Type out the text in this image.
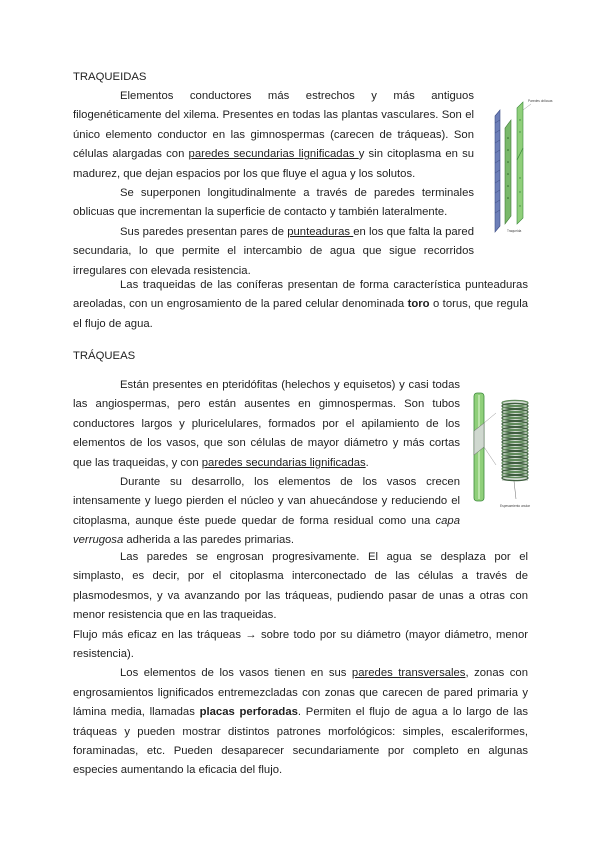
TRAQUEIDAS

Elementos conductores más estrechos y más antiguos filogenéticamente del xilema. Presentes en todas las plantas vasculares. Son el único elemento conductor en las gimnospermas (carecen de tráqueas). Son células alargadas con paredes secundarias lignificadas y sin citoplasma en su madurez, que dejan espacios por los que fluye el agua y los solutos.

Se superponen longitudinalmente a través de paredes terminales oblicuas que incrementan la superficie de contacto y también lateralmente.

Sus paredes presentan pares de punteaduras en los que falta la pared secundaria, lo que permite el intercambio de agua que sigue recorridos irregulares con elevada resistencia.

Las traqueidas de las coníferas presentan de forma característica punteaduras areoladas, con un engrosamiento de la pared celular denominada toro o torus, que regula el flujo de agua.

Paredes oblicuas
Traqueida
TRÁQUEAS

Están presentes en pteridófitas (helechos y equisetos) y casi todas las angiospermas, pero están ausentes en gimnospermas. Son tubos conductores largos y pluricelulares, formados por el apilamiento de los elementos de los vasos, que son células de mayor diámetro y más cortas que las traqueidas, y con paredes secundarias lignificadas.

Durante su desarrollo, los elementos de los vasos crecen intensamente y luego pierden el núcleo y van ahuecándose y reduciendo el citoplasma, aunque éste puede quedar de forma residual como una capa verrugosa adherida a las paredes primarias.

Las paredes se engrosan progresivamente. El agua se desplaza por el simplasto, es decir, por el citoplasma interconectado de las células a través de plasmodesmos, y va avanzando por las tráqueas, pudiendo pasar de unas a otras con menor resistencia que en las traqueidas.

Flujo más eficaz en las tráqueas → sobre todo por su diámetro (mayor diámetro, menor resistencia).

Los elementos de los vasos tienen en sus paredes transversales, zonas con engrosamientos lignificados entremezcladas con zonas que carecen de pared primaria y lámina media, llamadas placas perforadas. Permiten el flujo de agua a lo largo de las tráqueas y pueden mostrar distintos patrones morfológicos: simples, escaleriformes, foraminadas, etc. Pueden desaparecer secundariamente por completo en algunas especies aumentando la eficacia del flujo.

Espesamiento anular
